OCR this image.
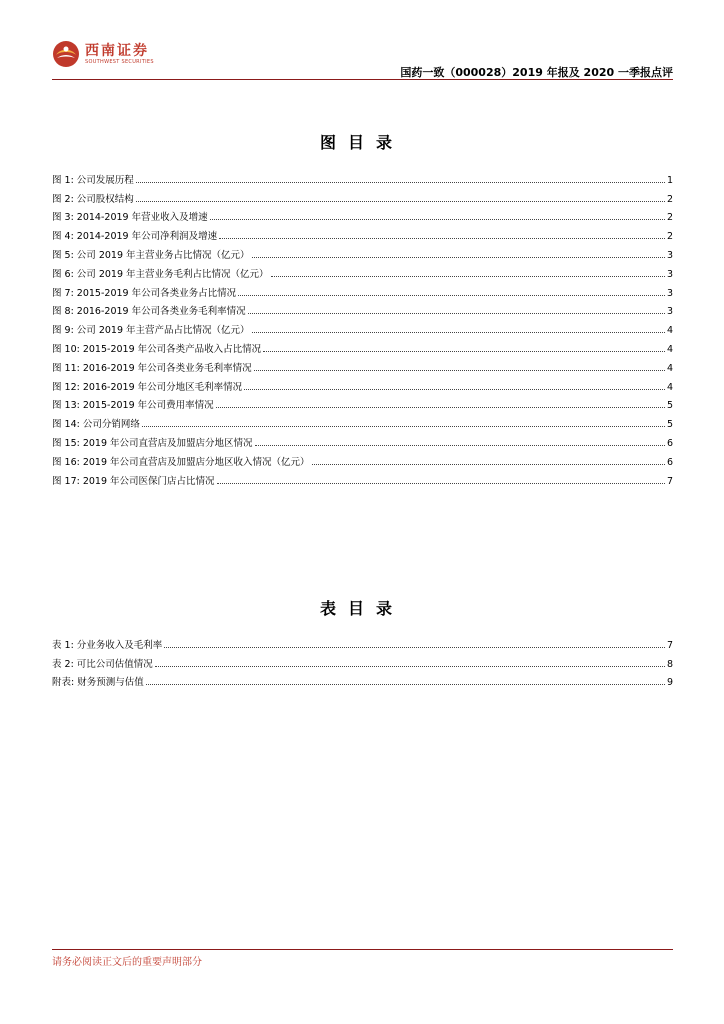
西南证券
SOUTHWEST SECURITIES
国药一致（000028）2019 年报及 2020 一季报点评
图目录
图 1:
公司发展历程	1
图 2:
公司股权结构	2
图 3:
2014-2019 年营业收入及增速	2
图 4:
2014-2019 年公司净利润及增速	2
图 5:
公司 2019 年主营业务占比情况（亿元）	3
图 6:
公司 2019 年主营业务毛利占比情况（亿元）	3
图 7:
2015-2019 年公司各类业务占比情况	3
图 8:
2016-2019 年公司各类业务毛利率情况	3
图 9:
公司 2019 年主营产品占比情况（亿元）	4
图 10:
2015-2019 年公司各类产品收入占比情况	4
图 11:
2016-2019 年公司各类业务毛利率情况	4
图 12:
2016-2019 年公司分地区毛利率情况	4
图 13:
2015-2019 年公司费用率情况	5
图 14:
公司分销网络	5
图 15:
2019 年公司直营店及加盟店分地区情况	6
图 16:
2019 年公司直营店及加盟店分地区收入情况（亿元）	6
图 17:
2019 年公司医保门店占比情况	7
表目录
表 1:
分业务收入及毛利率	7
表 2:
可比公司估值情况	8
附表:
财务预测与估值	9
请务必阅读正文后的重要声明部分
